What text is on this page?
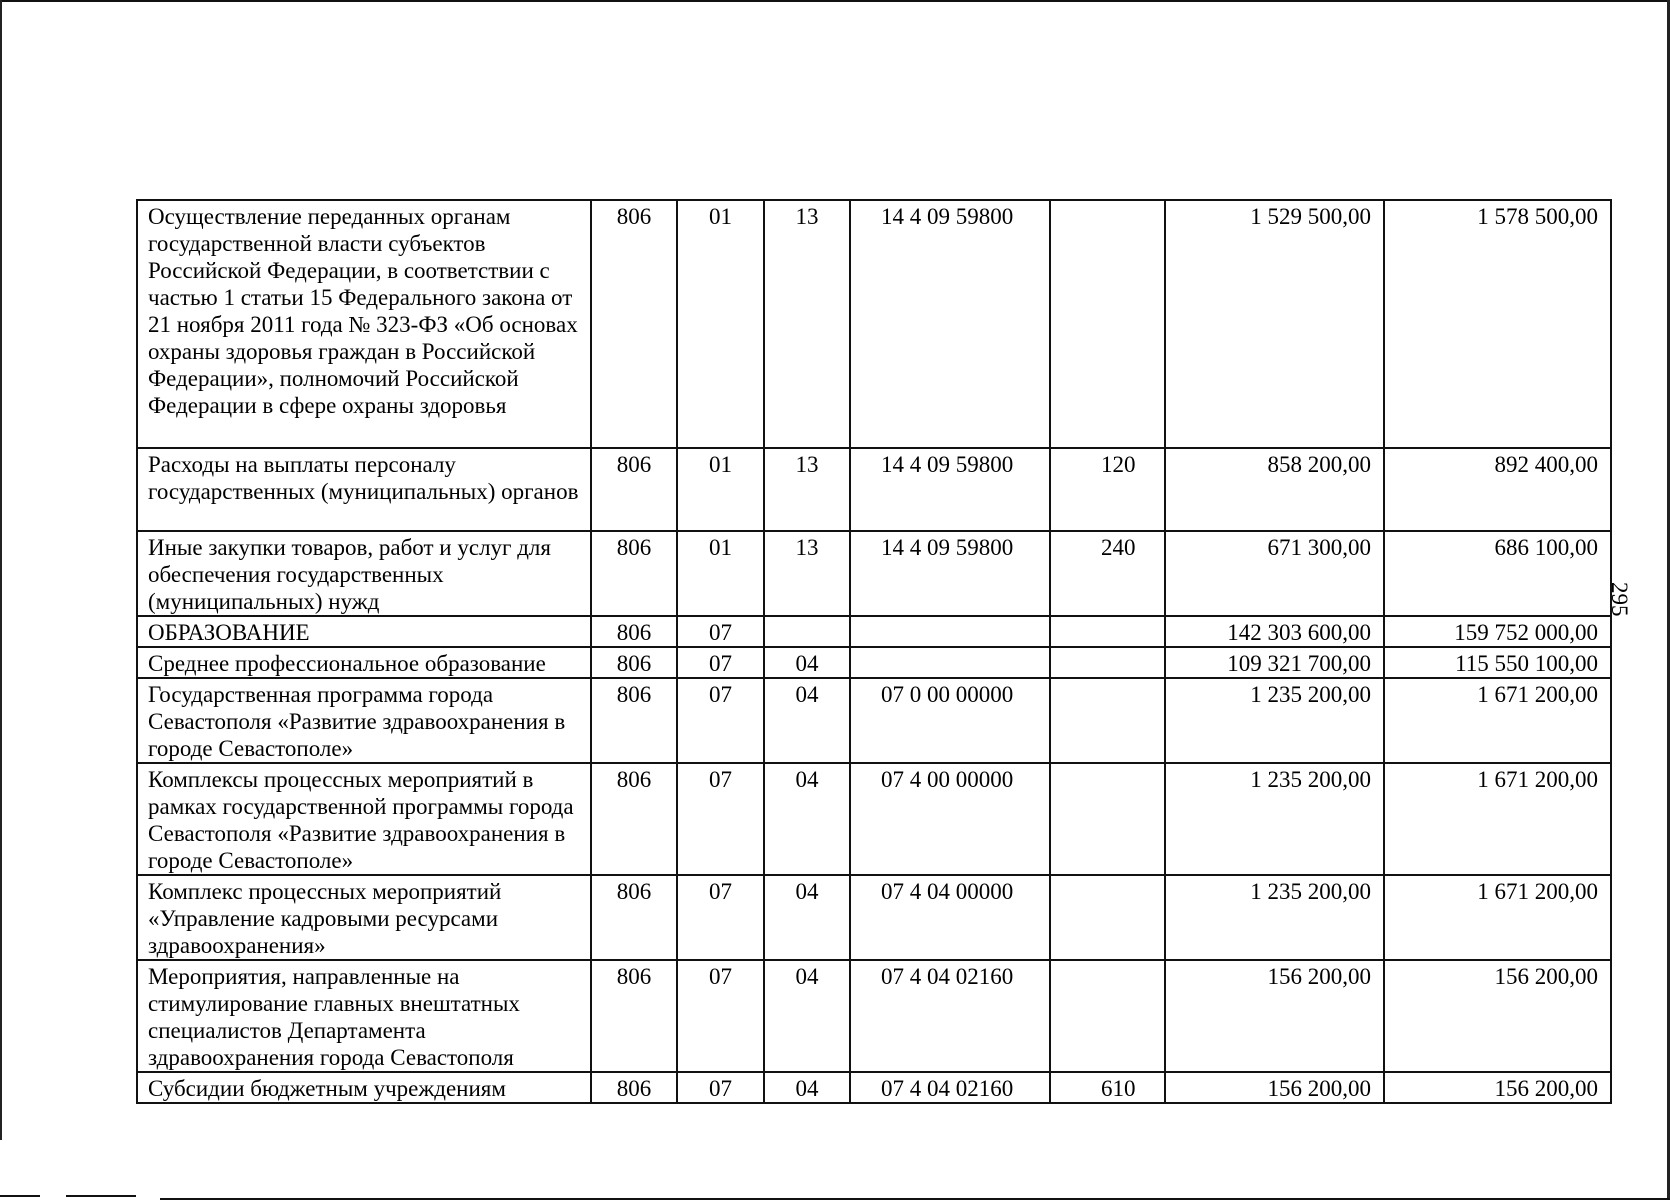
Осуществление переданных органам государственной власти субъектов Российской Федерации, в соответствии с частью 1 статьи 15 Федерального закона от 21 ноября 2011 года № 323-ФЗ «Об основах охраны здоровья граждан в Российской Федерации», полномочий Российской Федерации в сфере охраны здоровья	806	01	13	14 4 09 59800		1 529 500,00	1 578 500,00
Расходы на выплаты персоналу государственных (муниципальных) органов	806	01	13	14 4 09 59800	120	858 200,00	892 400,00
Иные закупки товаров, работ и услуг для обеспечения государственных (муниципальных) нужд	806	01	13	14 4 09 59800	240	671 300,00	686 100,00
ОБРАЗОВАНИЕ	806	07				142 303 600,00	159 752 000,00
Среднее профессиональное образование	806	07	04			109 321 700,00	115 550 100,00
Государственная программа города Севастополя «Развитие здравоохранения в городе Севастополе»	806	07	04	07 0 00 00000		1 235 200,00	1 671 200,00
Комплексы процессных мероприятий в рамках государственной программы города Севастополя «Развитие здравоохранения в городе Севастополе»	806	07	04	07 4 00 00000		1 235 200,00	1 671 200,00
Комплекс процессных мероприятий «Управление кадровыми ресурсами здравоохранения»	806	07	04	07 4 04 00000		1 235 200,00	1 671 200,00
Мероприятия, направленные на стимулирование главных внештатных специалистов Департамента здравоохранения города Севастополя	806	07	04	07 4 04 02160		156 200,00	156 200,00
Субсидии бюджетным учреждениям	806	07	04	07 4 04 02160	610	156 200,00	156 200,00
295
